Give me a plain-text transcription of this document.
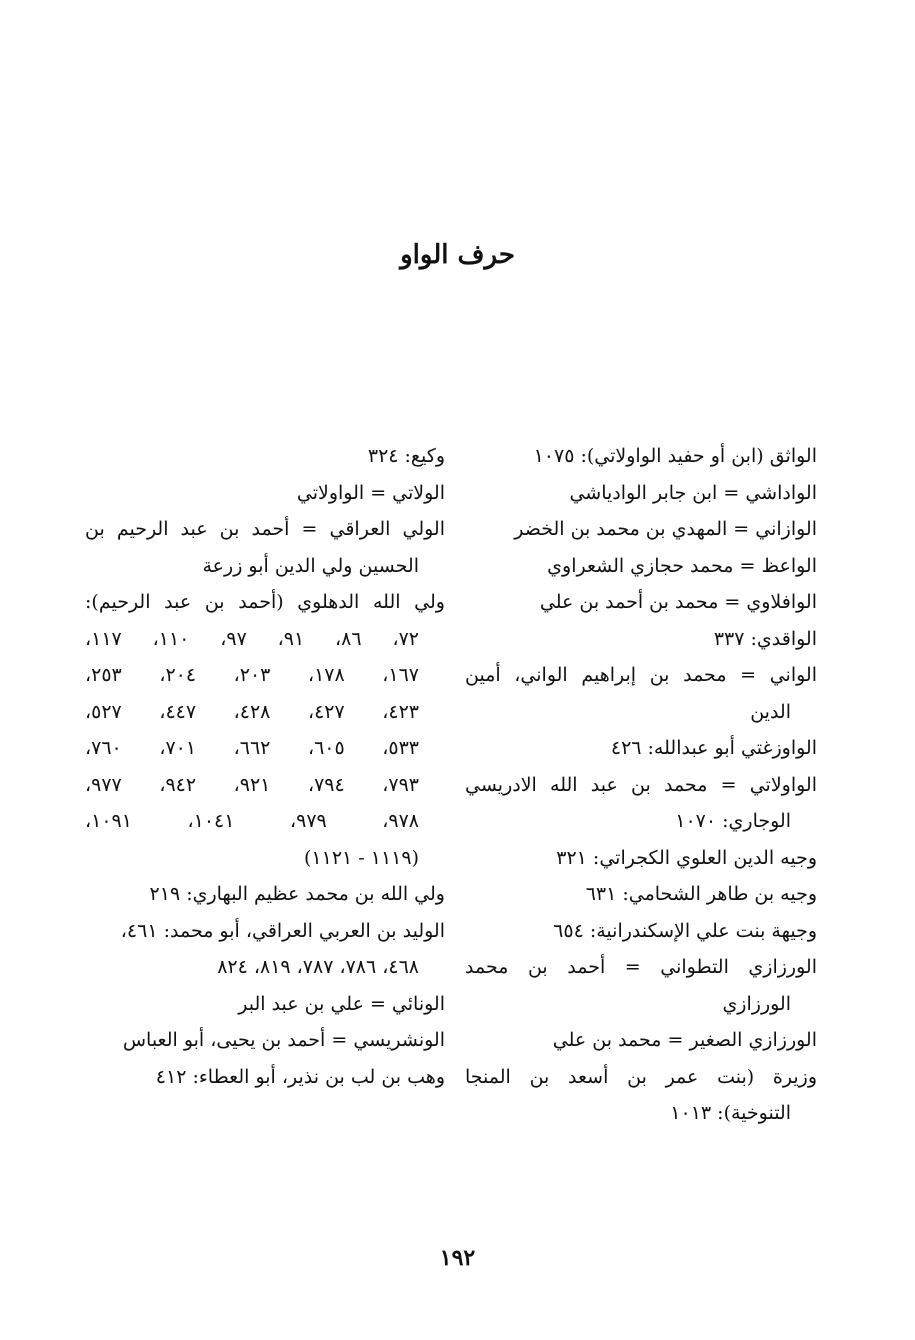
حرف الواو
الواثق (ابن أو حفيد الواولاتي): ١٠٧٥
الواداشي = ابن جابر الوادياشي
الوازاني = المهدي بن محمد بن الخضر
الواعظ = محمد حجازي الشعراوي
الوافلاوي = محمد بن أحمد بن علي
الواقدي: ٣٣٧
الواني = محمد بن إبراهيم الواني، أمين
الدين
الواوزغتي أبو عبدالله: ٤٢٦
الواولاتي = محمد بن عبد الله الادريسي
الوجاري: ١٠٧٠
وجيه الدين العلوي الكجراتي: ٣٢١
وجيه بن طاهر الشحامي: ٦٣١
وجيهة بنت علي الإسكندرانية: ٦٥٤
الورزازي التطواني = أحمد بن محمد
الورزازي
الورزازي الصغير = محمد بن علي
وزيرة (بنت عمر بن أسعد بن المنجا
التنوخية): ١٠١٣
وكيع: ٣٢٤
الولاتي = الواولاتي
الولي العراقي = أحمد بن عبد الرحيم بن
الحسين ولي الدين أبو زرعة
ولي الله الدهلوي (أحمد بن عبد الرحيم):
٧٢، ٨٦، ٩١، ٩٧، ١١٠، ١١٧،
١٦٧، ١٧٨، ٢٠٣، ٢٠٤، ٢٥٣،
٤٢٣، ٤٢٧، ٤٢٨، ٤٤٧، ٥٢٧،
٥٣٣، ٦٠٥، ٦٦٢، ٧٠١، ٧٦٠،
٧٩٣، ٧٩٤، ٩٢١، ٩٤٢، ٩٧٧،
٩٧٨، ٩٧٩، ١٠٤١، ١٠٩١،
(١١١٩ - ١١٢١)
ولي الله بن محمد عظيم البهاري: ٢١٩
الوليد بن العربي العراقي، أبو محمد: ٤٦١،
٤٦٨، ٧٨٦، ٧٨٧، ٨١٩، ٨٢٤
الونائي = علي بن عبد البر
الونشريسي = أحمد بن يحيى، أبو العباس
وهب بن لب بن نذير، أبو العطاء: ٤١٢
١٩٢
